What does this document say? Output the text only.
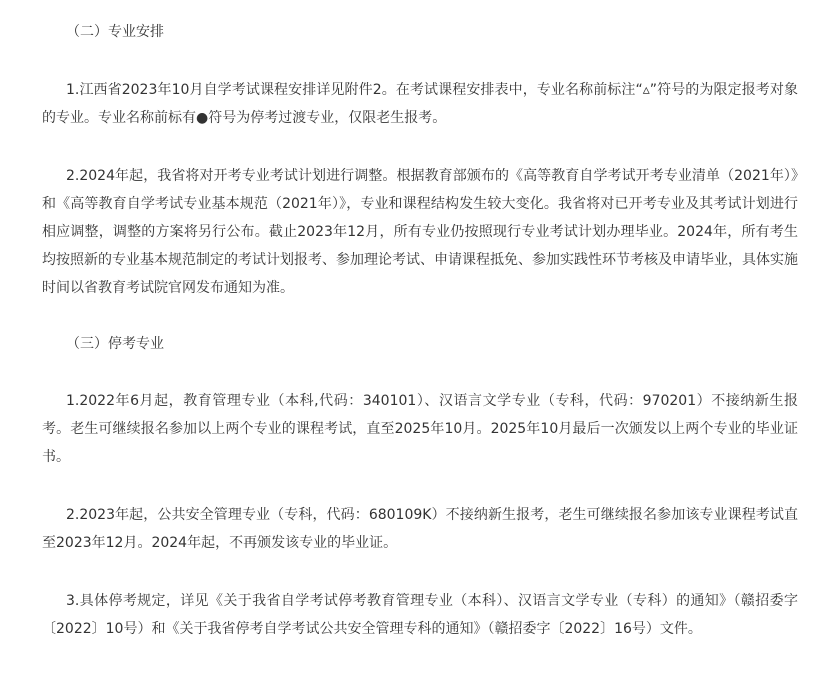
（二）专业安排

1.江西省2023年10月自学考试课程安排详见附件2。在考试课程安排表中，专业名称前标注“▵”符号的为限定报考对象的专业。专业名称前标有●符号为停考过渡专业，仅限老生报考。

2.2024年起，我省将对开考专业考试计划进行调整。根据教育部颁布的《高等教育自学考试开考专业清单（2021年）》和《高等教育自学考试专业基本规范（2021年）》，专业和课程结构发生较大变化。我省将对已开考专业及其考试计划进行相应调整，调整的方案将另行公布。截止2023年12月，所有专业仍按照现行专业考试计划办理毕业。2024年，所有考生均按照新的专业基本规范制定的考试计划报考、参加理论考试、申请课程抵免、参加实践性环节考核及申请毕业，具体实施时间以省教育考试院官网发布通知为准。

（三）停考专业

1.2022年6月起，教育管理专业（本科,代码：340101）、汉语言文学专业（专科，代码：970201）不接纳新生报考。老生可继续报名参加以上两个专业的课程考试，直至2025年10月。2025年10月最后一次颁发以上两个专业的毕业证书。

2.2023年起，公共安全管理专业（专科，代码：680109K）不接纳新生报考，老生可继续报名参加该专业课程考试直至2023年12月。2024年起，不再颁发该专业的毕业证。

3.具体停考规定，详见《关于我省自学考试停考教育管理专业（本科）、汉语言文学专业（专科）的通知》（赣招委字〔2022〕10号）和《关于我省停考自学考试公共安全管理专科的通知》（赣招委字〔2022〕16号）文件。
